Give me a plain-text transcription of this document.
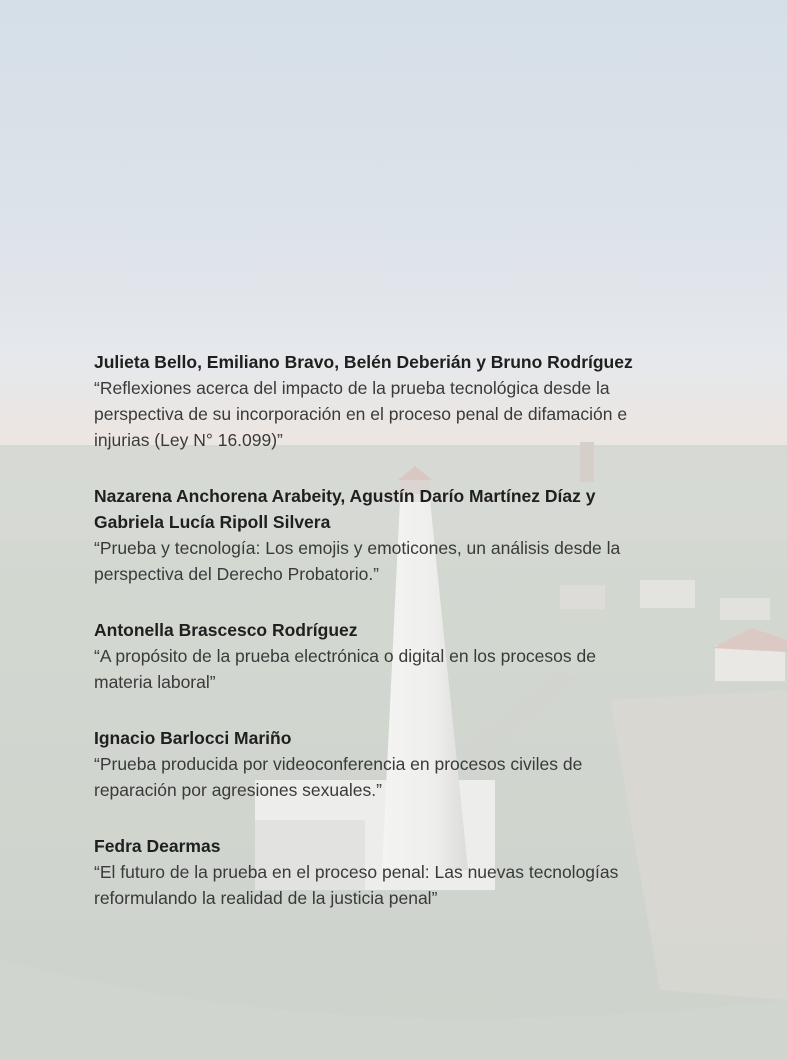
Julieta Bello, Emiliano Bravo, Belén Deberián y Bruno Rodríguez

“Reflexiones acerca del impacto de la prueba tecnológica desde la

perspectiva de su incorporación en el proceso penal de difamación e

injurias (Ley N° 16.099)”

Nazarena Anchorena Arabeity, Agustín Darío Martínez Díaz y

Gabriela Lucía Ripoll Silvera

“Prueba y tecnología: Los emojis y emoticones, un análisis desde la

perspectiva del Derecho Probatorio.”

Antonella Brascesco Rodríguez

“A propósito de la prueba electrónica o digital en los procesos de

materia laboral”

Ignacio Barlocci Mariño

“Prueba producida por videoconferencia en procesos civiles de

reparación por agresiones sexuales.”

Fedra Dearmas

“El futuro de la prueba en el proceso penal: Las nuevas tecnologías

reformulando la realidad de la justicia penal”
